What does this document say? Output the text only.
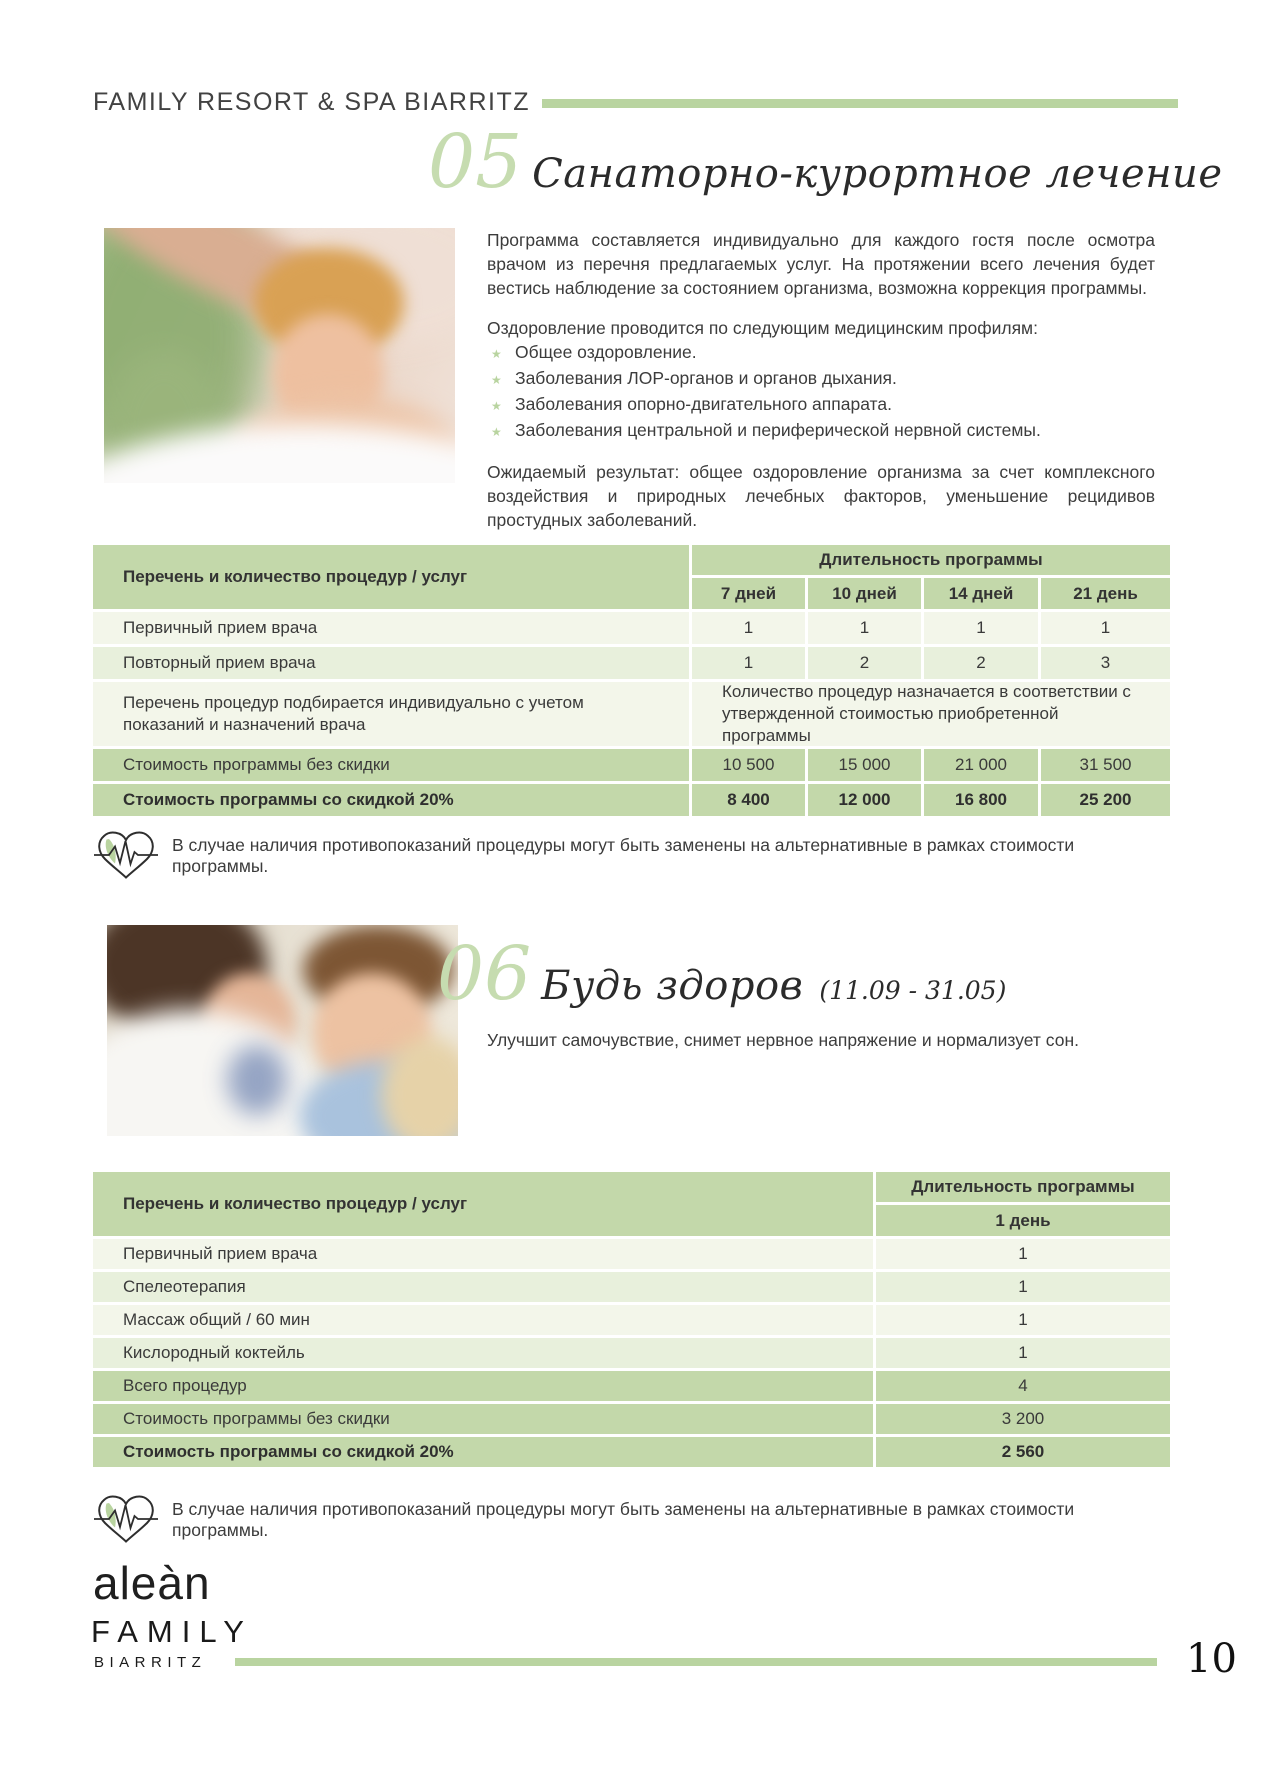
FAMILY RESORT & SPA BIARRITZ
05 Санаторно-курортное лечение
Программа составляется индивидуально для каждого гостя после осмотра врачом из перечня предлагаемых услуг. На протяжении всего лечения будет вестись наблюдение за состоянием организма, возможна коррекция программы.
Оздоровление проводится по следующим медицинским профилям:
★ Общее оздоровление.
★ Заболевания ЛОР-органов и органов дыхания.
★ Заболевания опорно-двигательного аппарата.
★ Заболевания центральной и периферической нервной системы.
Ожидаемый результат: общее оздоровление организма за счет комплексного воздействия и природных лечебных факторов, уменьшение рецидивов простудных заболеваний.
Перечень и количество процедур / услуг
Длительность программы
7 дней	10 дней	14 дней	21 день
Первичный прием врача	1	1	1	1
Повторный прием врача	1	2	2	3
Перечень процедур подбирается индивидуально с учетом показаний и назначений врача
Количество процедур назначается в соответствии с утвержденной стоимостью приобретенной программы
Стоимость программы без скидки	10 500	15 000	21 000	31 500
Стоимость программы со скидкой 20%	8 400	12 000	16 800	25 200
В случае наличия противопоказаний процедуры могут быть заменены на альтернативные в рамках стоимости программы.
06 Будь здоров (11.09 - 31.05)
Улучшит самочувствие, снимет нервное напряжение и нормализует сон.
Перечень и количество процедур / услуг
Длительность программы
1 день
Первичный прием врача	1
Спелеотерапия	1
Массаж общий / 60 мин	1
Кислородный коктейль	1
Всего процедур	4
Стоимость программы без скидки	3 200
Стоимость программы со скидкой 20%	2 560
В случае наличия противопоказаний процедуры могут быть заменены на альтернативные в рамках стоимости программы.
aleàn
FAMILY
BIARRITZ	10
